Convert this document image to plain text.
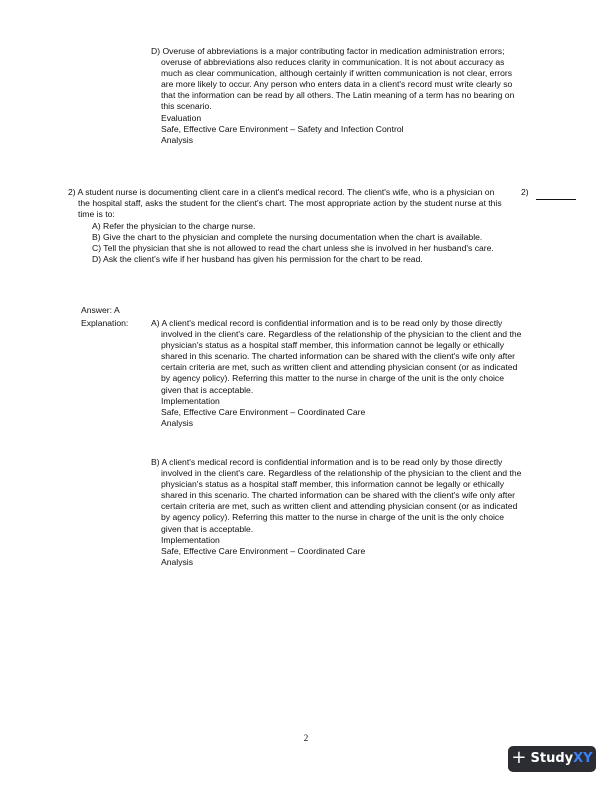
D) Overuse of abbreviations is a major contributing factor in medication administration errors; overuse of abbreviations also reduces clarity in communication. It is not about accuracy as much as clear communication, although certainly if written communication is not clear, errors are more likely to occur. Any person who enters data in a client's record must write clearly so that the information can be read by all others. The Latin meaning of a term has no bearing on this scenario.

Evaluation

Safe, Effective Care Environment – Safety and Infection Control

Analysis

2) A student nurse is documenting client care in a client's medical record. The client's wife, who is a physician on the hospital staff, asks the student for the client's chart. The most appropriate action by the student nurse at this time is to:

2)

A) Refer the physician to the charge nurse.

B) Give the chart to the physician and complete the nursing documentation when the chart is available.

C) Tell the physician that she is not allowed to read the chart unless she is involved in her husband's care.

D) Ask the client's wife if her husband has given his permission for the chart to be read.

Answer: A
Explanation:	A) A client's medical record is confidential information and is to be read only by those directly involved in the client's care. Regardless of the relationship of the physician to the client and the physician's status as a hospital staff member, this information cannot be legally or ethically shared in this scenario. The charted information can be shared with the client's wife only after certain criteria are met, such as written client and attending physician consent (or as indicated by agency policy). Referring this matter to the nurse in charge of the unit is the only choice given that is acceptable.

Implementation

Safe, Effective Care Environment – Coordinated Care

Analysis

B) A client's medical record is confidential information and is to be read only by those directly involved in the client's care. Regardless of the relationship of the physician to the client and the physician's status as a hospital staff member, this information cannot be legally or ethically shared in this scenario. The charted information can be shared with the client's wife only after certain criteria are met, such as written client and attending physician consent (or as indicated by agency policy). Referring this matter to the nurse in charge of the unit is the only choice given that is acceptable.

Implementation

Safe, Effective Care Environment – Coordinated Care

Analysis

2
+ StudyXY
